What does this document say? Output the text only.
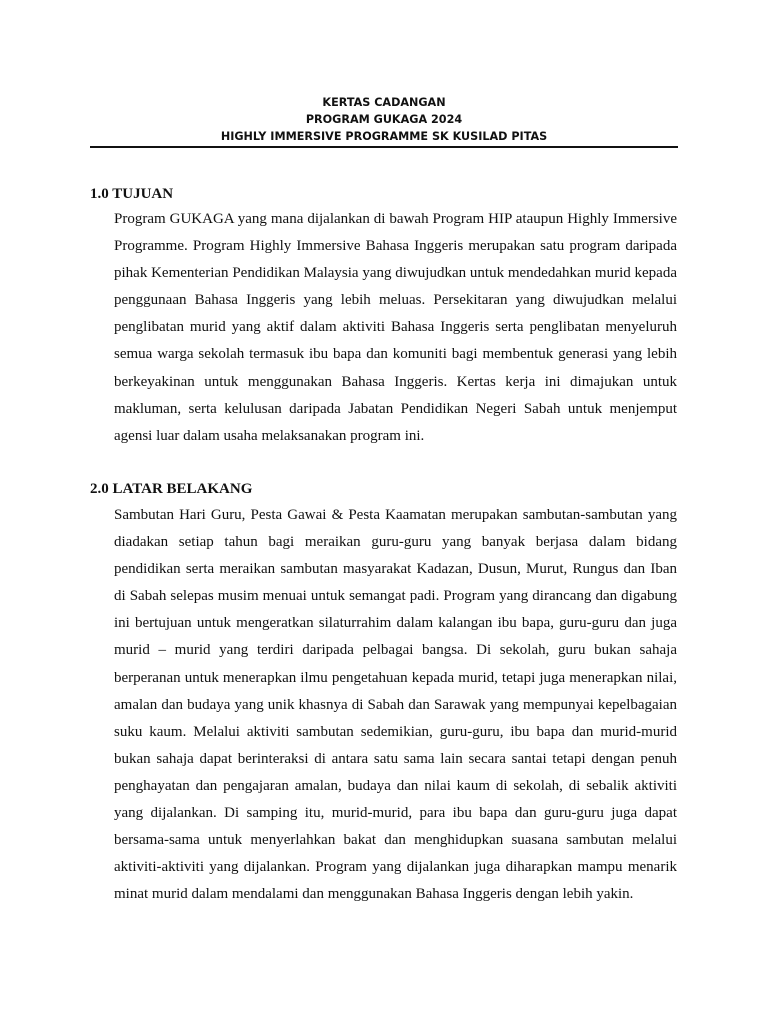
KERTAS CADANGAN
PROGRAM GUKAGA 2024
HIGHLY IMMERSIVE PROGRAMME SK KUSILAD PITAS
1.0 TUJUAN

Program GUKAGA yang mana dijalankan di bawah Program HIP ataupun Highly Immersive Programme. Program Highly Immersive Bahasa Inggeris merupakan satu program daripada pihak Kementerian Pendidikan Malaysia yang diwujudkan untuk mendedahkan murid kepada penggunaan Bahasa Inggeris yang lebih meluas. Persekitaran yang diwujudkan melalui penglibatan murid yang aktif dalam aktiviti Bahasa Inggeris serta penglibatan menyeluruh semua warga sekolah termasuk ibu bapa dan komuniti bagi membentuk generasi yang lebih berkeyakinan untuk menggunakan Bahasa Inggeris. Kertas kerja ini dimajukan untuk makluman, serta kelulusan daripada Jabatan Pendidikan Negeri Sabah untuk menjemput agensi luar dalam usaha melaksanakan program ini.

2.0 LATAR BELAKANG

Sambutan Hari Guru, Pesta Gawai & Pesta Kaamatan merupakan sambutan-sambutan yang diadakan setiap tahun bagi meraikan guru-guru yang banyak berjasa dalam bidang pendidikan serta meraikan sambutan masyarakat Kadazan, Dusun, Murut, Rungus dan Iban di Sabah selepas musim menuai untuk semangat padi. Program yang dirancang dan digabung ini bertujuan untuk mengeratkan silaturrahim dalam kalangan ibu bapa, guru-guru dan juga murid – murid yang terdiri daripada pelbagai bangsa. Di sekolah, guru bukan sahaja berperanan untuk menerapkan ilmu pengetahuan kepada murid, tetapi juga menerapkan nilai, amalan dan budaya yang unik khasnya di Sabah dan Sarawak yang mempunyai kepelbagaian suku kaum. Melalui aktiviti sambutan sedemikian, guru-guru, ibu bapa dan murid-murid bukan sahaja dapat berinteraksi di antara satu sama lain secara santai tetapi dengan penuh penghayatan dan pengajaran amalan, budaya dan nilai kaum di sekolah, di sebalik aktiviti yang dijalankan. Di samping itu, murid-murid, para ibu bapa dan guru-guru juga dapat bersama-sama untuk menyerlahkan bakat dan menghidupkan suasana sambutan melalui aktiviti-aktiviti yang dijalankan. Program yang dijalankan juga diharapkan mampu menarik minat murid dalam mendalami dan menggunakan Bahasa Inggeris dengan lebih yakin.
